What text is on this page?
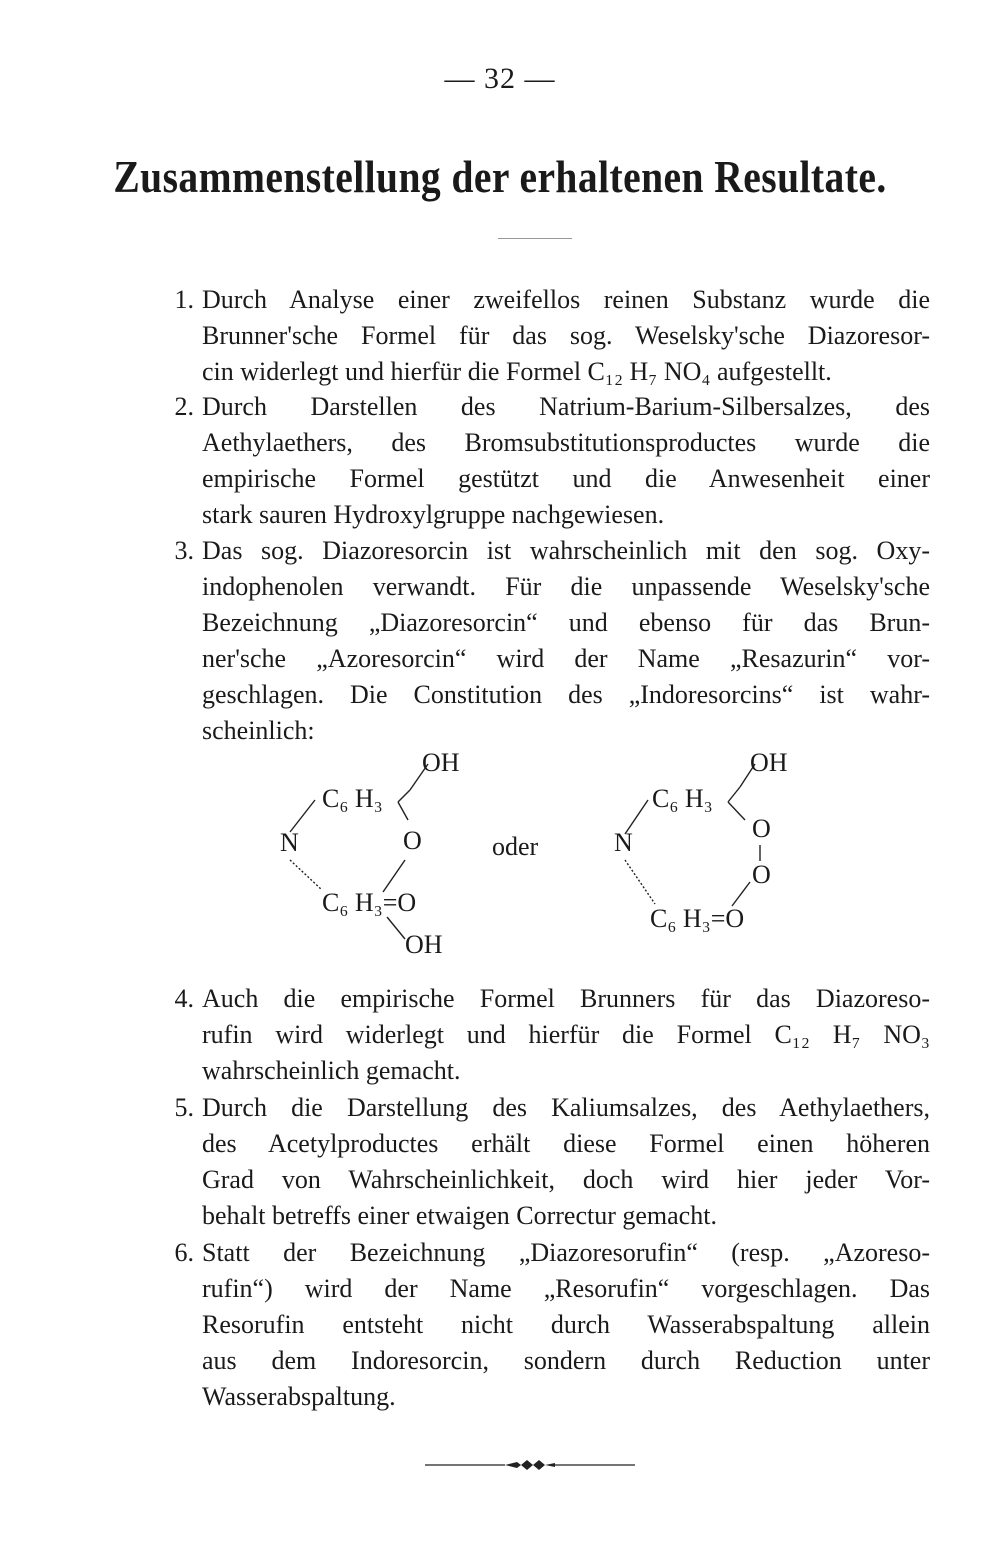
— 32 —
Zusammenstellung der erhaltenen Resultate.
1. Durch Analyse einer zweifellos reinen Substanz wurde die
Brunner'sche Formel für das sog. Weselsky'sche Diazoresor-
cin widerlegt und hierfür die Formel C₁₂ H₇ NO₄ aufgestellt.
2. Durch Darstellen des Natrium-Barium-Silbersalzes, des
Aethylaethers, des Bromsubstitutionsproductes wurde die
empirische Formel gestützt und die Anwesenheit einer
stark sauren Hydroxylgruppe nachgewiesen.
3. Das sog. Diazoresorcin ist wahrscheinlich mit den sog. Oxy-
indophenolen verwandt. Für die unpassende Weselsky'sche
Bezeichnung „Diazoresorcin“ und ebenso für das Brun-
ner'sche „Azoresorcin“ wird der Name „Resazurin“ vor-
geschlagen. Die Constitution des „Indoresorcins“ ist wahr-
scheinlich:
OH
C₆ H₃
N	O
C₆ H₃=O
OH
oder
OH
C₆ H₃
N	O
O
C₆ H₃=O
4. Auch die empirische Formel Brunners für das Diazoreso-
rufin wird widerlegt und hierfür die Formel C₁₂ H₇ NO₃
wahrscheinlich gemacht.
5. Durch die Darstellung des Kaliumsalzes, des Aethylaethers,
des Acetylproductes erhält diese Formel einen höheren
Grad von Wahrscheinlichkeit, doch wird hier jeder Vor-
behalt betreffs einer etwaigen Correctur gemacht.
6. Statt der Bezeichnung „Diazoresorufin“ (resp. „Azoreso-
rufin“) wird der Name „Resorufin“ vorgeschlagen. Das
Resorufin entsteht nicht durch Wasserabspaltung allein
aus dem Indoresorcin, sondern durch Reduction unter
Wasserabspaltung.
